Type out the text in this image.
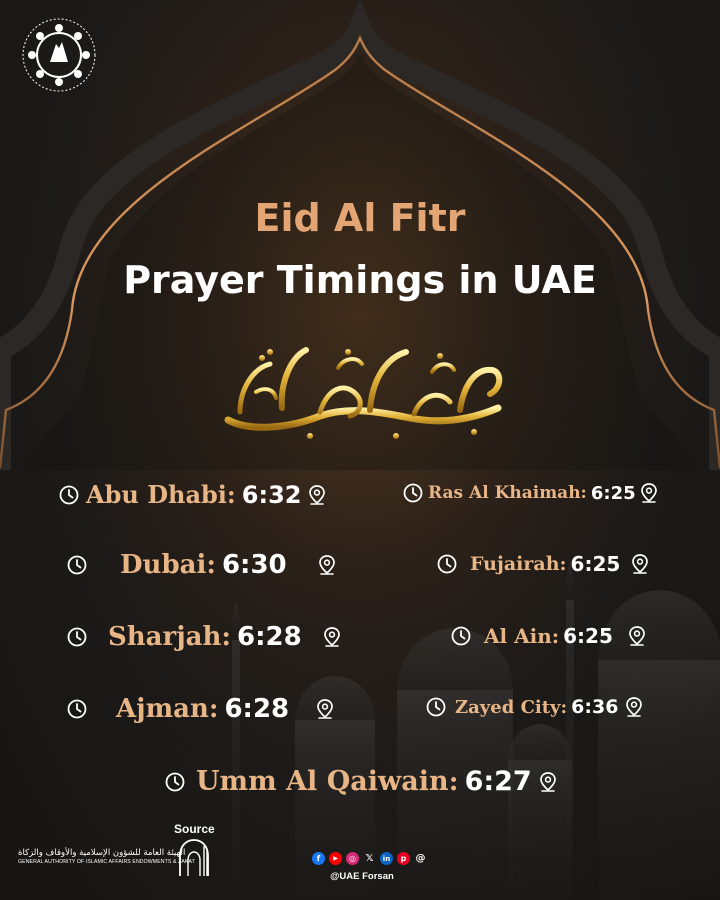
Eid Al Fitr
Prayer Timings in UAE
Abu Dhabi: 6:32	Ras Al Khaimah: 6:25
Dubai: 6:30	Fujairah: 6:25
Sharjah: 6:28	Al Ain: 6:25
Ajman: 6:28	Zayed City: 6:36
Umm Al Qaiwain: 6:27
Source
الهيئة العامة للشؤون الإسلامية والأوقاف والزكاة
GENERAL AUTHORITY OF ISLAMIC AFFAIRS ENDOWMENTS & ZAKAT	f	▶	◎ 𝕏	in	p @
@UAE Forsan
